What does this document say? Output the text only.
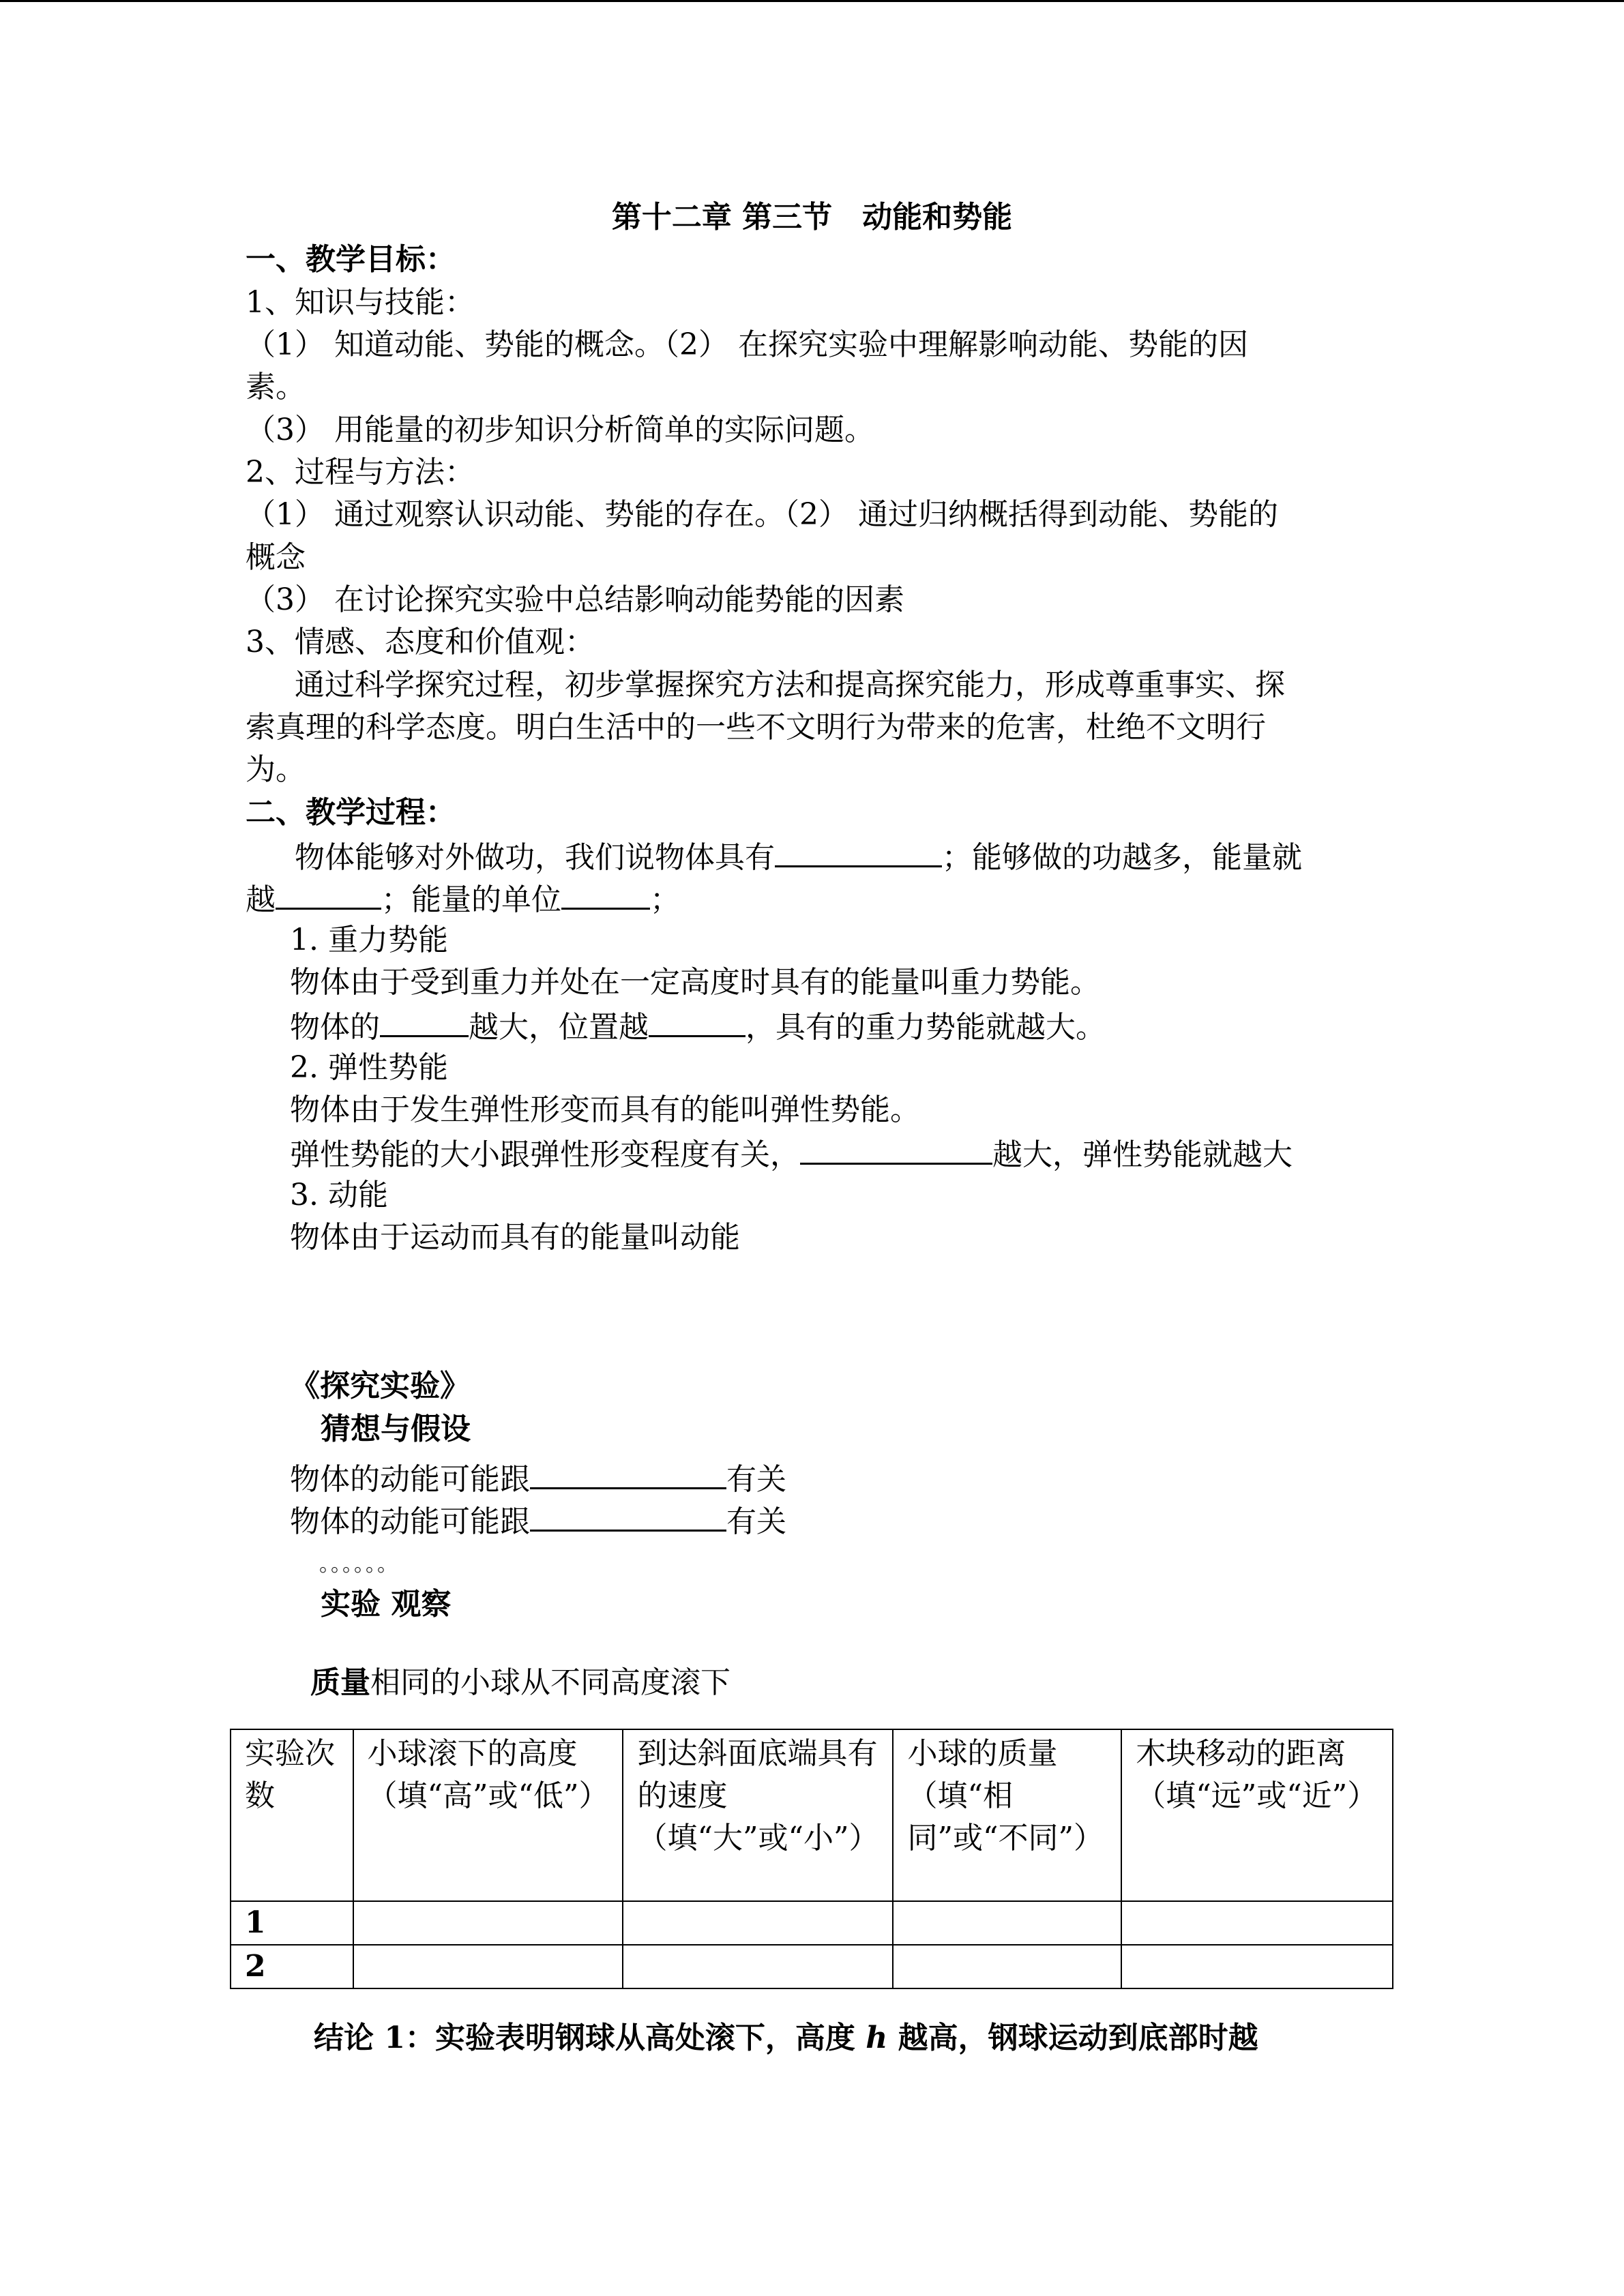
第十二章 第三节　动能和势能
一、教学目标：
1、知识与技能：
（1） 知道动能、势能的概念。（2） 在探究实验中理解影响动能、势能的因
素。
（3） 用能量的初步知识分析简单的实际问题。
2、过程与方法：
（1） 通过观察认识动能、势能的存在。（2） 通过归纳概括得到动能、势能的
概念
（3） 在讨论探究实验中总结影响动能势能的因素
3、情感、态度和价值观：
通过科学探究过程，初步掌握探究方法和提高探究能力，形成尊重事实、探
索真理的科学态度。明白生活中的一些不文明行为带来的危害，杜绝不文明行
为。
二、教学过程：
物体能够对外做功，我们说物体具有	；能够做的功越多，能量就
越	；能量的单位	；
1. 重力势能
物体由于受到重力并处在一定高度时具有的能量叫重力势能。
物体的	越大，位置越	，具有的重力势能就越大。
2. 弹性势能
物体由于发生弹性形变而具有的能叫弹性势能。
弹性势能的大小跟弹性形变程度有关，	越大，弹性势能就越大
3. 动能
物体由于运动而具有的能量叫动能
《探究实验》
猜想与假设
物体的动能可能跟	有关
物体的动能可能跟	有关
。。。。。。
实验 观察
质量相同的小球从不同高度滚下
实验次数	小球滚下的高度（填“高”或“低”）	到达斜面底端具有的速度（填“大”或“小”）	小球的质量（填“相同”或“不同”）	木块移动的距离（填“远”或“近”）
1				
2				
结论 1：实验表明钢球从高处滚下，高度 h 越高，钢球运动到底部时越
